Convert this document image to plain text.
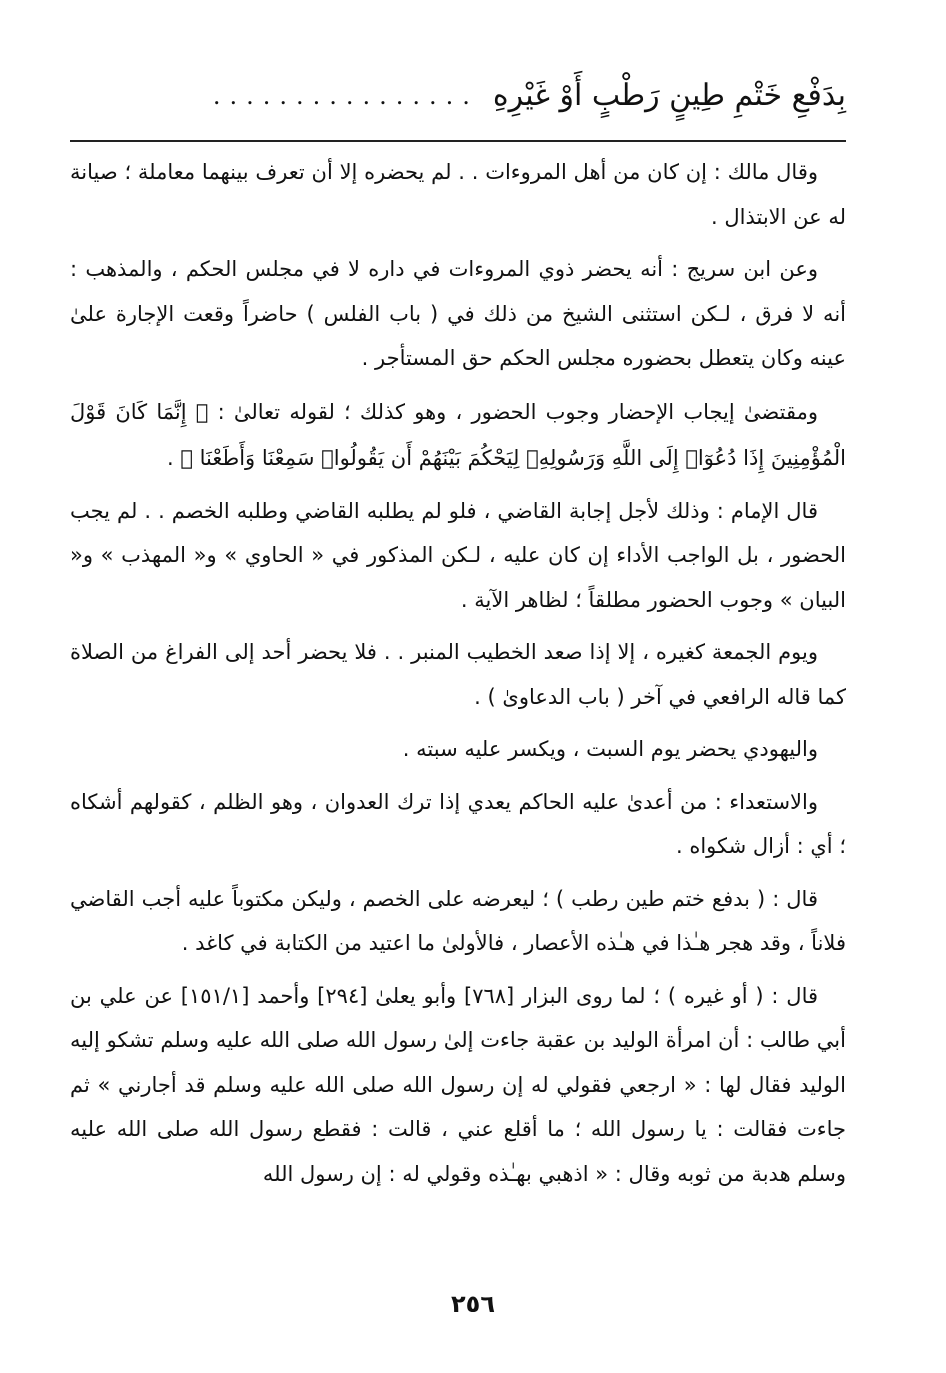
بِدَفْعِ خَتْمِ طِينٍ رَطْبٍ أَوْ غَيْرِهِ
................

وقال مالك : إن كان من أهل المروءات . . لم يحضره إلا أن تعرف بينهما معاملة ؛ صيانة له عن الابتذال .

وعن ابن سريج : أنه يحضر ذوي المروءات في داره لا في مجلس الحكم ، والمذهب : أنه لا فرق ، لـكن استثنى الشيخ من ذلك في ( باب الفلس ) حاضراً وقعت الإجارة علىٰ عينه وكان يتعطل بحضوره مجلس الحكم حق المستأجر .

ومقتضىٰ إيجاب الإحضار وجوب الحضور ، وهو كذلك ؛ لقوله تعالىٰ : ﴿ إِنَّمَا كَانَ قَوْلَ الْمُؤْمِنِينَ إِذَا دُعُوٓا۟ إِلَى اللَّهِ وَرَسُولِهِۦ لِيَحْكُمَ بَيْنَهُمْ أَن يَقُولُوا۟ سَمِعْنَا وَأَطَعْنَا ﴾ .

قال الإمام : وذلك لأجل إجابة القاضي ، فلو لم يطلبه القاضي وطلبه الخصم . . لم يجب الحضور ، بل الواجب الأداء إن كان عليه ، لـكن المذكور في « الحاوي » و« المهذب » و« البيان » وجوب الحضور مطلقاً ؛ لظاهر الآية .

ويوم الجمعة كغيره ، إلا إذا صعد الخطيب المنبر . . فلا يحضر أحد إلى الفراغ من الصلاة كما قاله الرافعي في آخر ( باب الدعاوىٰ ) .

واليهودي يحضر يوم السبت ، ويكسر عليه سبته .

والاستعداء : من أعدىٰ عليه الحاكم يعدي إذا ترك العدوان ، وهو الظلم ، كقولهم أشكاه ؛ أي : أزال شكواه .

قال : ( بدفع ختم طين رطب ) ؛ ليعرضه على الخصم ، وليكن مكتوباً عليه أجب القاضي فلاناً ، وقد هجر هـٰذا في هـٰذه الأعصار ، فالأولىٰ ما اعتيد من الكتابة في كاغد .

قال : ( أو غيره ) ؛ لما روى البزار [٧٦٨] وأبو يعلىٰ [٢٩٤] وأحمد [١٥١/١] عن علي بن أبي طالب : أن امرأة الوليد بن عقبة جاءت إلىٰ رسول الله صلى الله عليه وسلم تشكو إليه الوليد فقال لها : « ارجعي فقولي له إن رسول الله صلى الله عليه وسلم قد أجارني » ثم جاءت فقالت : يا رسول الله ؛ ما أقلع عني ، قالت : فقطع رسول الله صلى الله عليه وسلم هدبة من ثوبه وقال : « اذهبي بهـٰذه وقولي له : إن رسول الله

٢٥٦
